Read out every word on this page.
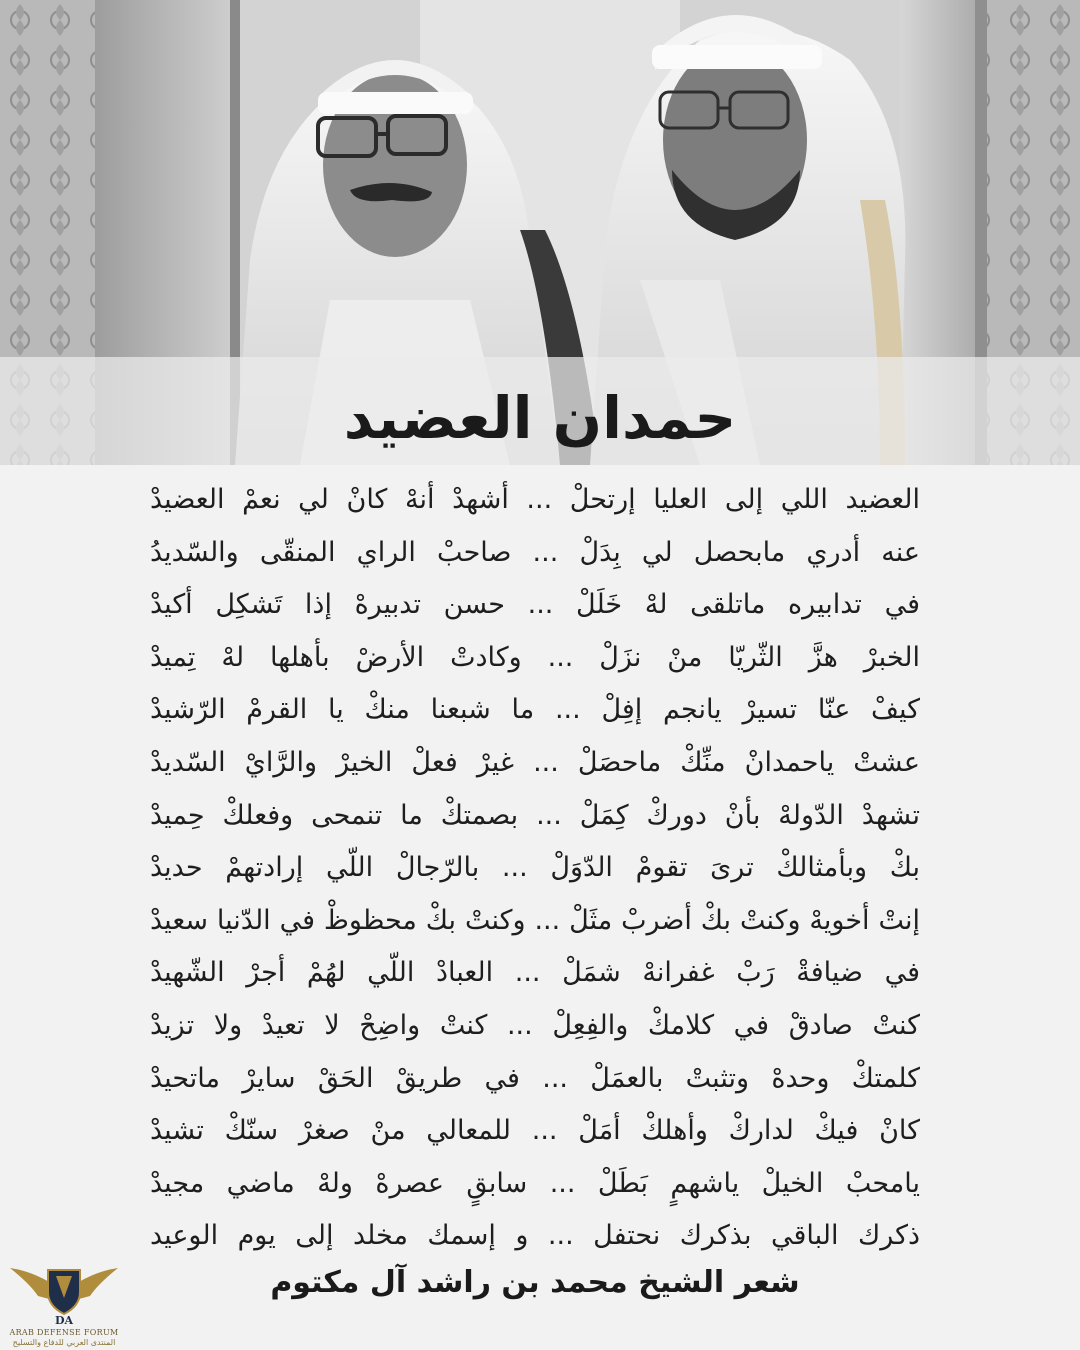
حمدان العضيد
العضيد اللي إلى العليا إرتحلْ ... أشهدْ أنهْ كانْ لي نعمْ العضيدْ
عنه أدري مابحصل لي بِدَلْ ... صاحبْ الراي المنقّى والسّديدُ
في تدابيره ماتلقى لهْ خَلَلْ ... حسن تدبيرهْ إذا تَشكِل أكيدْ
الخبرْ هزَّ الثّريّا منْ نزَلْ ... وكادتْ الأرضْ بأهلها لهْ تِميدْ
كيفْ عنّا تسيرْ يانجم إفِلْ ... ما شبعنا منكْ يا القرمْ الرّشيدْ
عشتْ ياحمدانْ منِّكْ ماحصَلْ ... غيرْ فعلْ الخيرْ والرَّايْ السّديدْ
تشهدْ الدّولهْ بأنْ دوركْ كِمَلْ ... بصمتكْ ما تنمحى وفعلكْ حِميدْ
بكْ وبأمثالكْ ترىَ تقومْ الدّوَلْ ... بالرّجالْ اللّي إرادتهمْ حديدْ
إنتْ أخويهْ وكنتْ بكْ أضربْ مثَلْ ... وكنتْ بكْ محظوظْ في الدّنيا سعيدْ
في ضيافةْ رَبْ غفرانهْ شمَلْ ... العبادْ اللّي لهُمْ أجرْ الشّهيدْ
كنتْ صادقْ في كلامكْ والفِعِلْ ... كنتْ واضِحْ لا تعيدْ ولا تزيدْ
كلمتكْ وحدهْ وتثبتْ بالعمَلْ ... في طريقْ الحَقْ سايرْ ماتحيدْ
كانْ فيكْ لداركْ وأهلكْ أمَلْ ... للمعالي منْ صغرْ سنّكْ تشيدْ
يامحبْ الخيلْ ياشهمٍ بَطَلْ ... سابقٍ عصرهْ ولهْ ماضي مجيدْ
ذكرك الباقي بذكرك نحتفل ... و إسمك مخلد إلى يوم الوعيد
شعر الشيخ محمد بن راشد آل مكتوم
DA
ARAB DEFENSE FORUM
المنتدى العربي للدفاع والتسليح
